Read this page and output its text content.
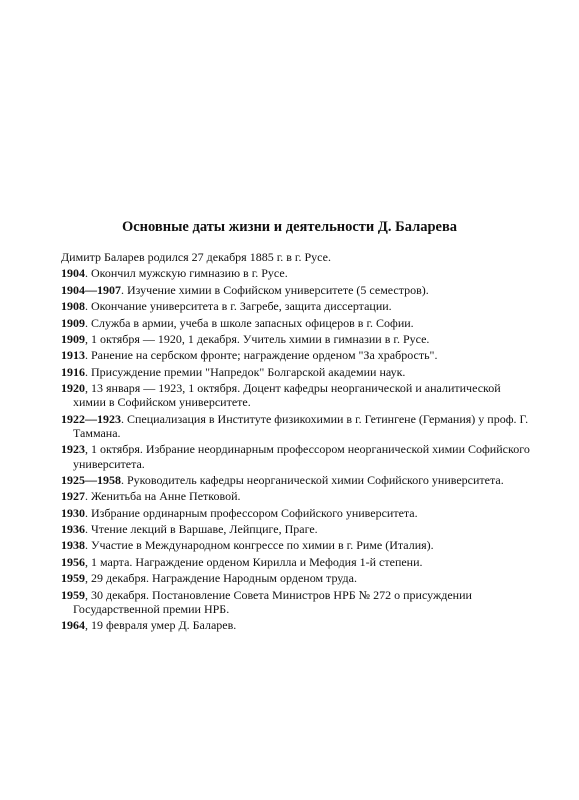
Основные даты жизни и деятельности Д. Баларева

Димитр Баларев родился 27 декабря 1885 г. в г. Русе.

1904. Окончил мужскую гимназию в г. Русе.

1904—1907. Изучение химии в Софийском университете (5 семестров).

1908. Окончание университета в г. Загребе, защита диссертации.

1909. Служба в армии, учеба в школе запасных офицеров в г. Софии.

1909, 1 октября — 1920, 1 декабря. Учитель химии в гимназии в г. Русе.

1913. Ранение на сербском фронте; награждение орденом "За храбрость".

1916. Присуждение премии "Напредок" Болгарской академии наук.

1920, 13 января — 1923, 1 октября. Доцент кафедры неорганической и аналитической химии в Софийском университете.

1922—1923. Специализация в Институте физикохимии в г. Гетингене (Германия) у проф. Г. Таммана.

1923, 1 октября. Избрание неординарным профессором неорганической химии Софийского университета.

1925—1958. Руководитель кафедры неорганической химии Софийского университета.

1927. Женитьба на Анне Петковой.

1930. Избрание ординарным профессором Софийского университета.

1936. Чтение лекций в Варшаве, Лейпциге, Праге.

1938. Участие в Международном конгрессе по химии в г. Риме (Италия).

1956, 1 марта. Награждение орденом Кирилла и Мефодия 1-й степени.

1959, 29 декабря. Награждение Народным орденом труда.

1959, 30 декабря. Постановление Совета Министров НРБ № 272 о присуждении Государственной премии НРБ.

1964, 19 февраля умер Д. Баларев.
